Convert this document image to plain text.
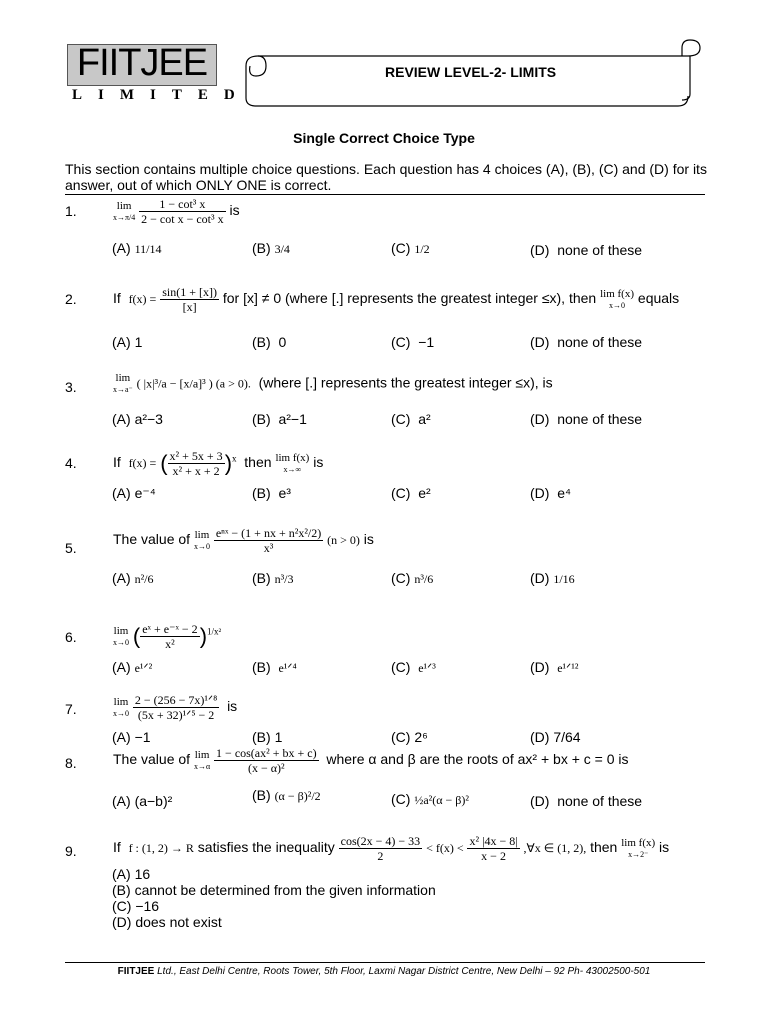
FIITJEE
LIMITED
REVIEW LEVEL-2- LIMITS
Single Correct Choice Type
This section contains multiple choice questions. Each question has 4 choices (A), (B), (C) and (D) for its answer, out of which ONLY ONE is correct.
1.	lim
x→π/4
$\frac{\text{1 − cot³ x}}{\text{2 − cot x − cot³ x}}$ is
(A) 11/14	(B) 3/4	(C) 1/2	(D) none of these
2.	If $f(x) = \frac{\sin(1 + [x])}{[x]}$ for [x] ≠ 0 (where [.] represents the greatest integer ≤x), then lim f(x)
x→0 equals
(A) 1	(B) 0	(C) −1	(D) none of these
3.
lim
x→a⁻ ( |x|³/a − [x/a]³ ) (a > 0). (where [.] represents the greatest integer ≤x), is
(A) a²−3	(B) a²−1	(C) a²	(D) none of these
4.	If f(x) = ( $\frac{\text{x² + 5x + 3}}{\text{x² + x + 2}} )^x$ then lim f(x)
x→∞ is
(A) e⁻⁴	(B) e³	(C) e²	(D) e⁴
5.
The value of lim
x→0
$\frac{\text{eⁿˣ − (1 + nx + n²x²/2)}}{\text{x³}} (n > 0)$ is
(A) n²/6	(B) n³/3	(C) n³/6	(D) 1/16
6.	lim
x→0 ( $\frac{\text{eˣ + e⁻ˣ − 2}}{\text{x²}} )^{1/x^2}$
(A) e¹ᐟ²	(B) e¹ᐟ⁴	(C) e¹ᐟ³	(D) e¹ᐟ¹²
7.	lim
x→0
$\frac{\text{2 − (256 − 7x)¹ᐟ⁸}}{\text{(5x + 32)¹ᐟ⁵ − 2}}$ is
(A) −1	(B) 1	(C) 2⁶	(D) 7/64
8.	The value of lim
x→α
$\frac{\text{1 − cos(ax² + bx + c)}}{\text{(x − α)²}}$ where α and β are the roots of ax² + bx + c = 0 is
(A) (a−b)²	(B) (α − β)²/2	(C) ½a²(α − β)²	(D) none of these
9.	If f : (1, 2) → R satisfies the inequality $\frac{\cos(2x - 4) - 33}{2} < f(x) < \frac{\text{x² |4x − 8|}}{x - 2}$ ,∀x ∈ (1, 2), then lim f(x)
x→2⁻ is
(A) 16
(B) cannot be determined from the given information
(C) −16
(D) does not exist
FIITJEE Ltd., East Delhi Centre, Roots Tower, 5th Floor, Laxmi Nagar District Centre, New Delhi – 92 Ph- 43002500-501
